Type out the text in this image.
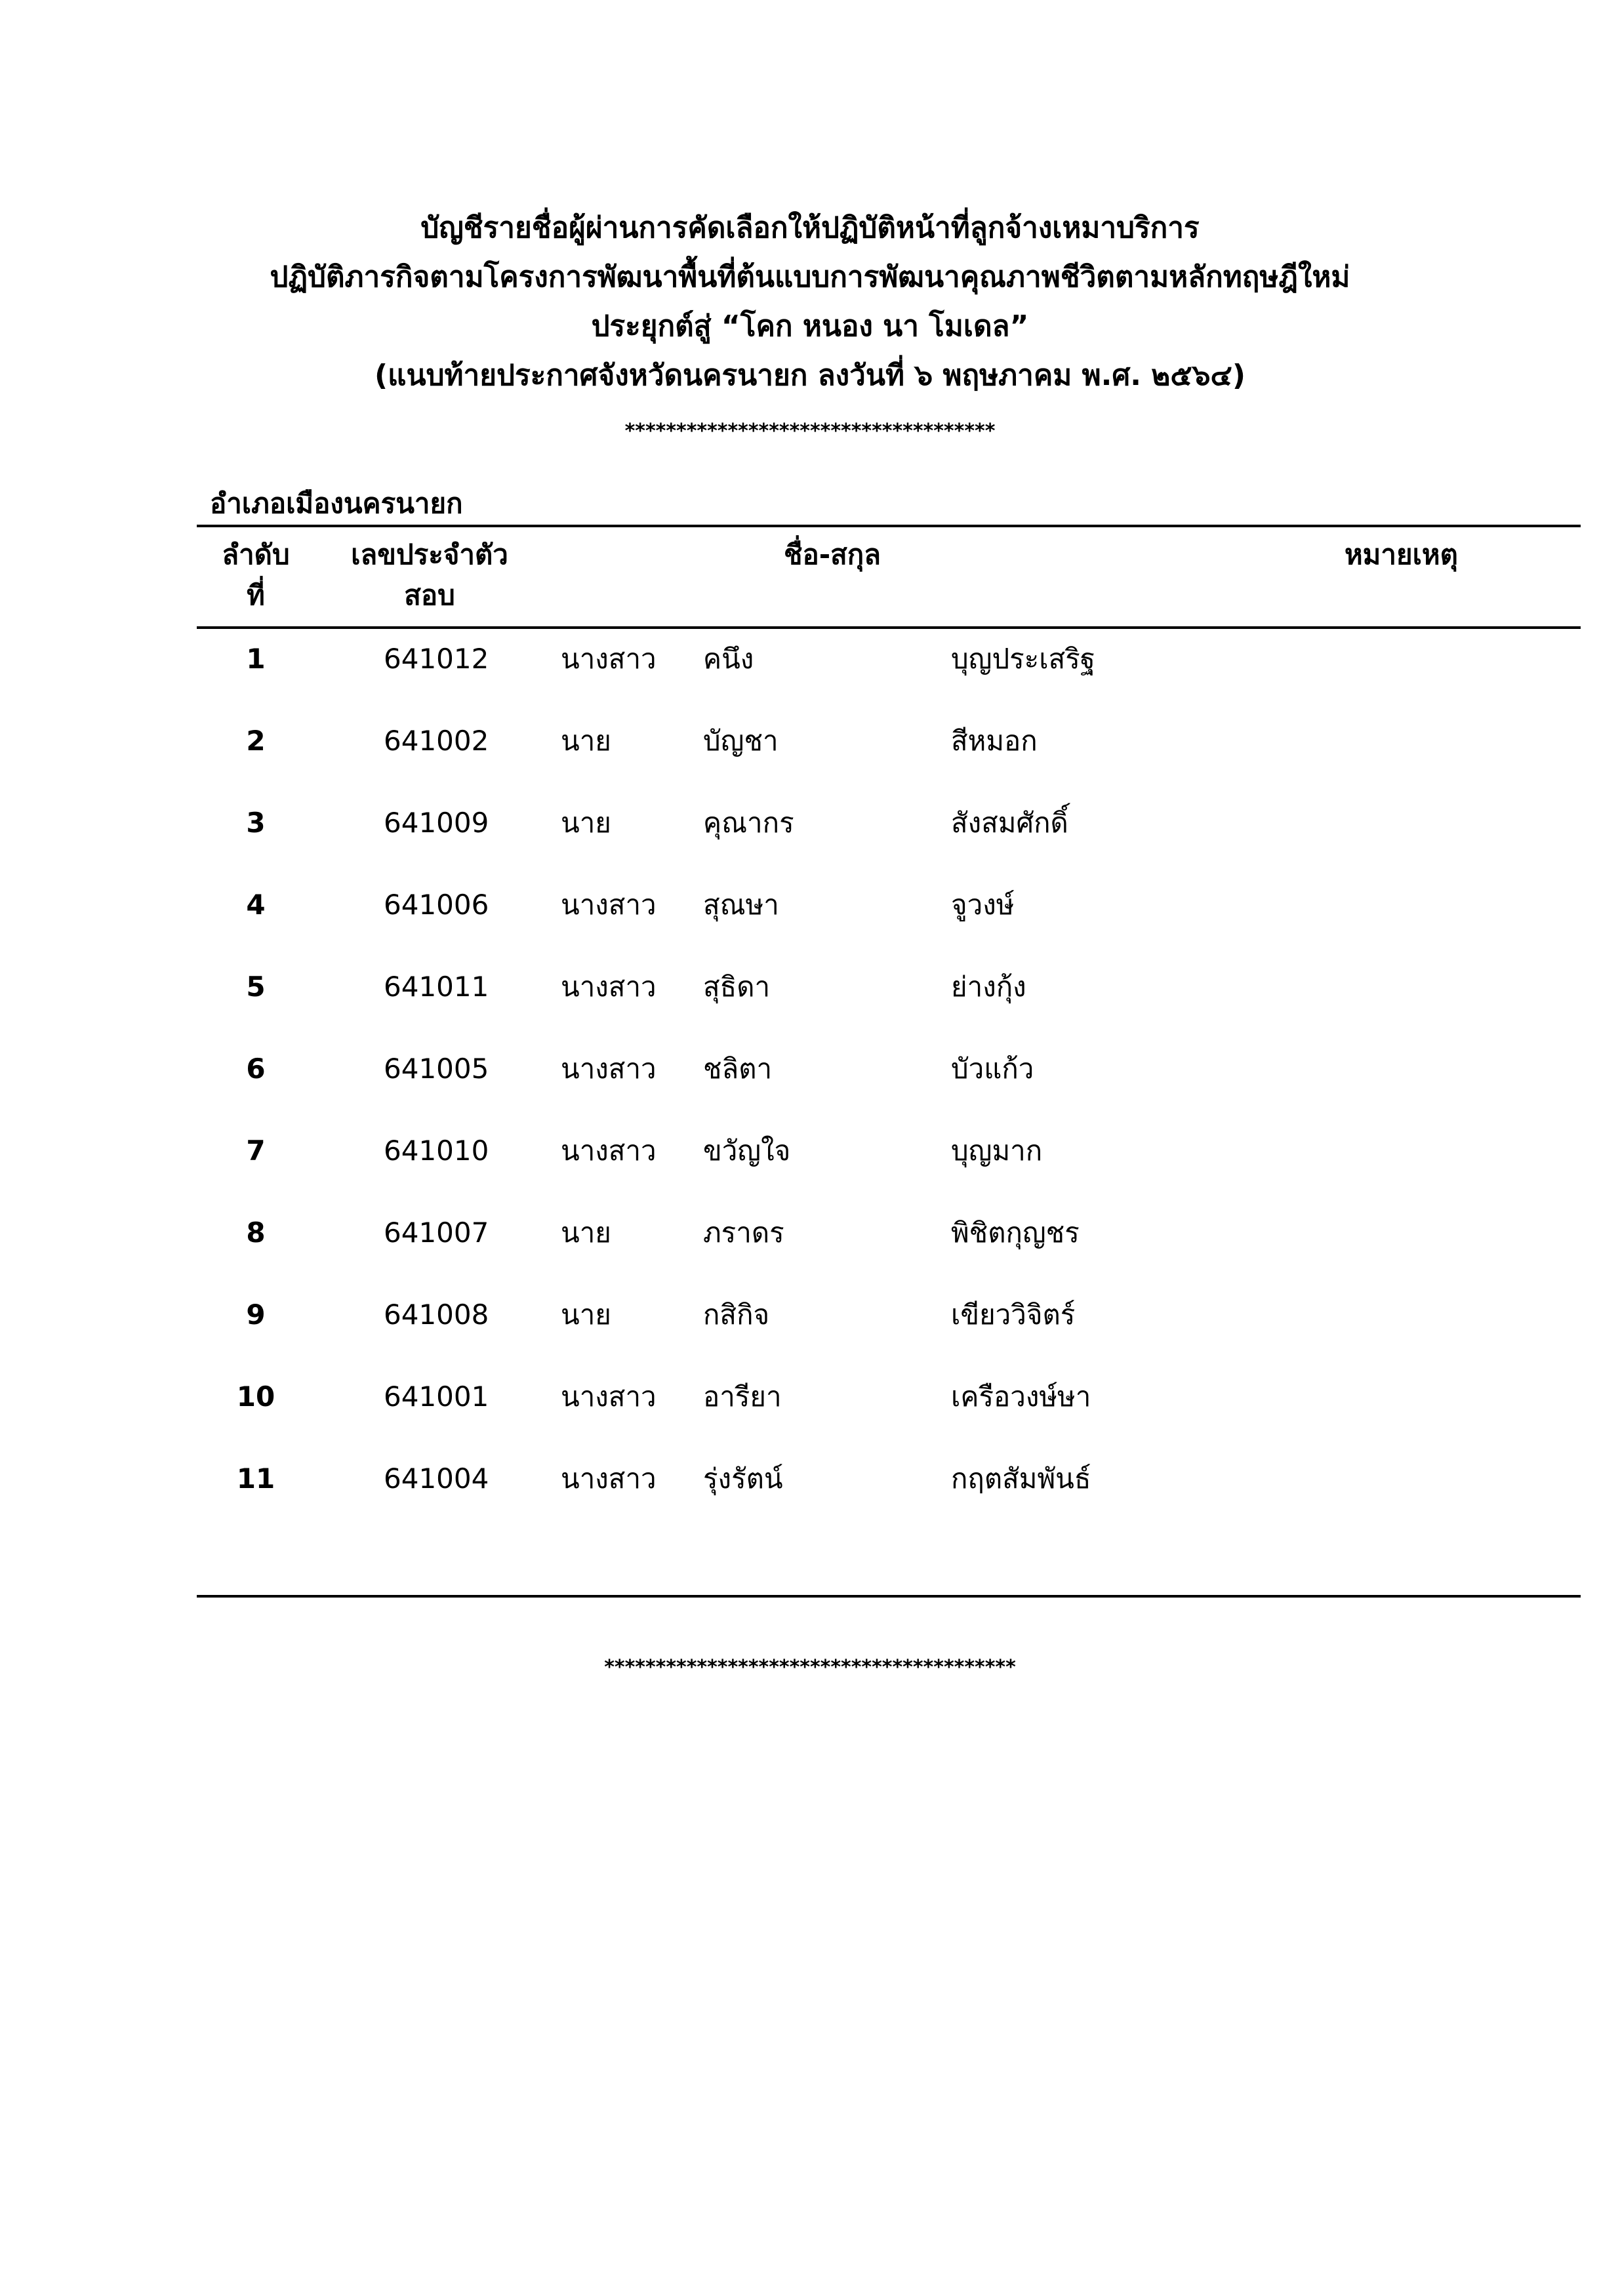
บัญชีรายชื่อผู้ผ่านการคัดเลือกให้ปฏิบัติหน้าที่ลูกจ้างเหมาบริการ
ปฏิบัติภารกิจตามโครงการพัฒนาพื้นที่ต้นแบบการพัฒนาคุณภาพชีวิตตามหลักทฤษฎีใหม่
ประยุกต์สู่ “โคก หนอง นา โมเดล”
(แนบท้ายประกาศจังหวัดนครนายก ลงวันที่ ๖ พฤษภาคม พ.ศ. ๒๕๖๔)
************************************
อำเภอเมืองนครนายก
ลำดับ
ที่
เลขประจำตัว
สอบ
ชื่อ-สกุล	หมายเหตุ
1	641012	นางสาว คนึง	บุญประเสริฐ
2	641002	นาย	บัญชา	สีหมอก
3	641009	นาย	คุณากร	สังสมศักดิ์
4	641006	นางสาว สุณษา	จูวงษ์
5	641011	นางสาว สุธิดา	ย่างกุ้ง
6	641005	นางสาว ชลิตา	บัวแก้ว
7	641010	นางสาว ขวัญใจ	บุญมาก
8	641007	นาย	ภราดร	พิชิตกุญชร
9	641008	นาย	กสิกิจ	เขียววิจิตร์
10	641001	นางสาว อารียา	เครือวงษ์ษา
11	641004	นางสาว รุ่งรัตน์	กฤตสัมพันธ์
****************************************
